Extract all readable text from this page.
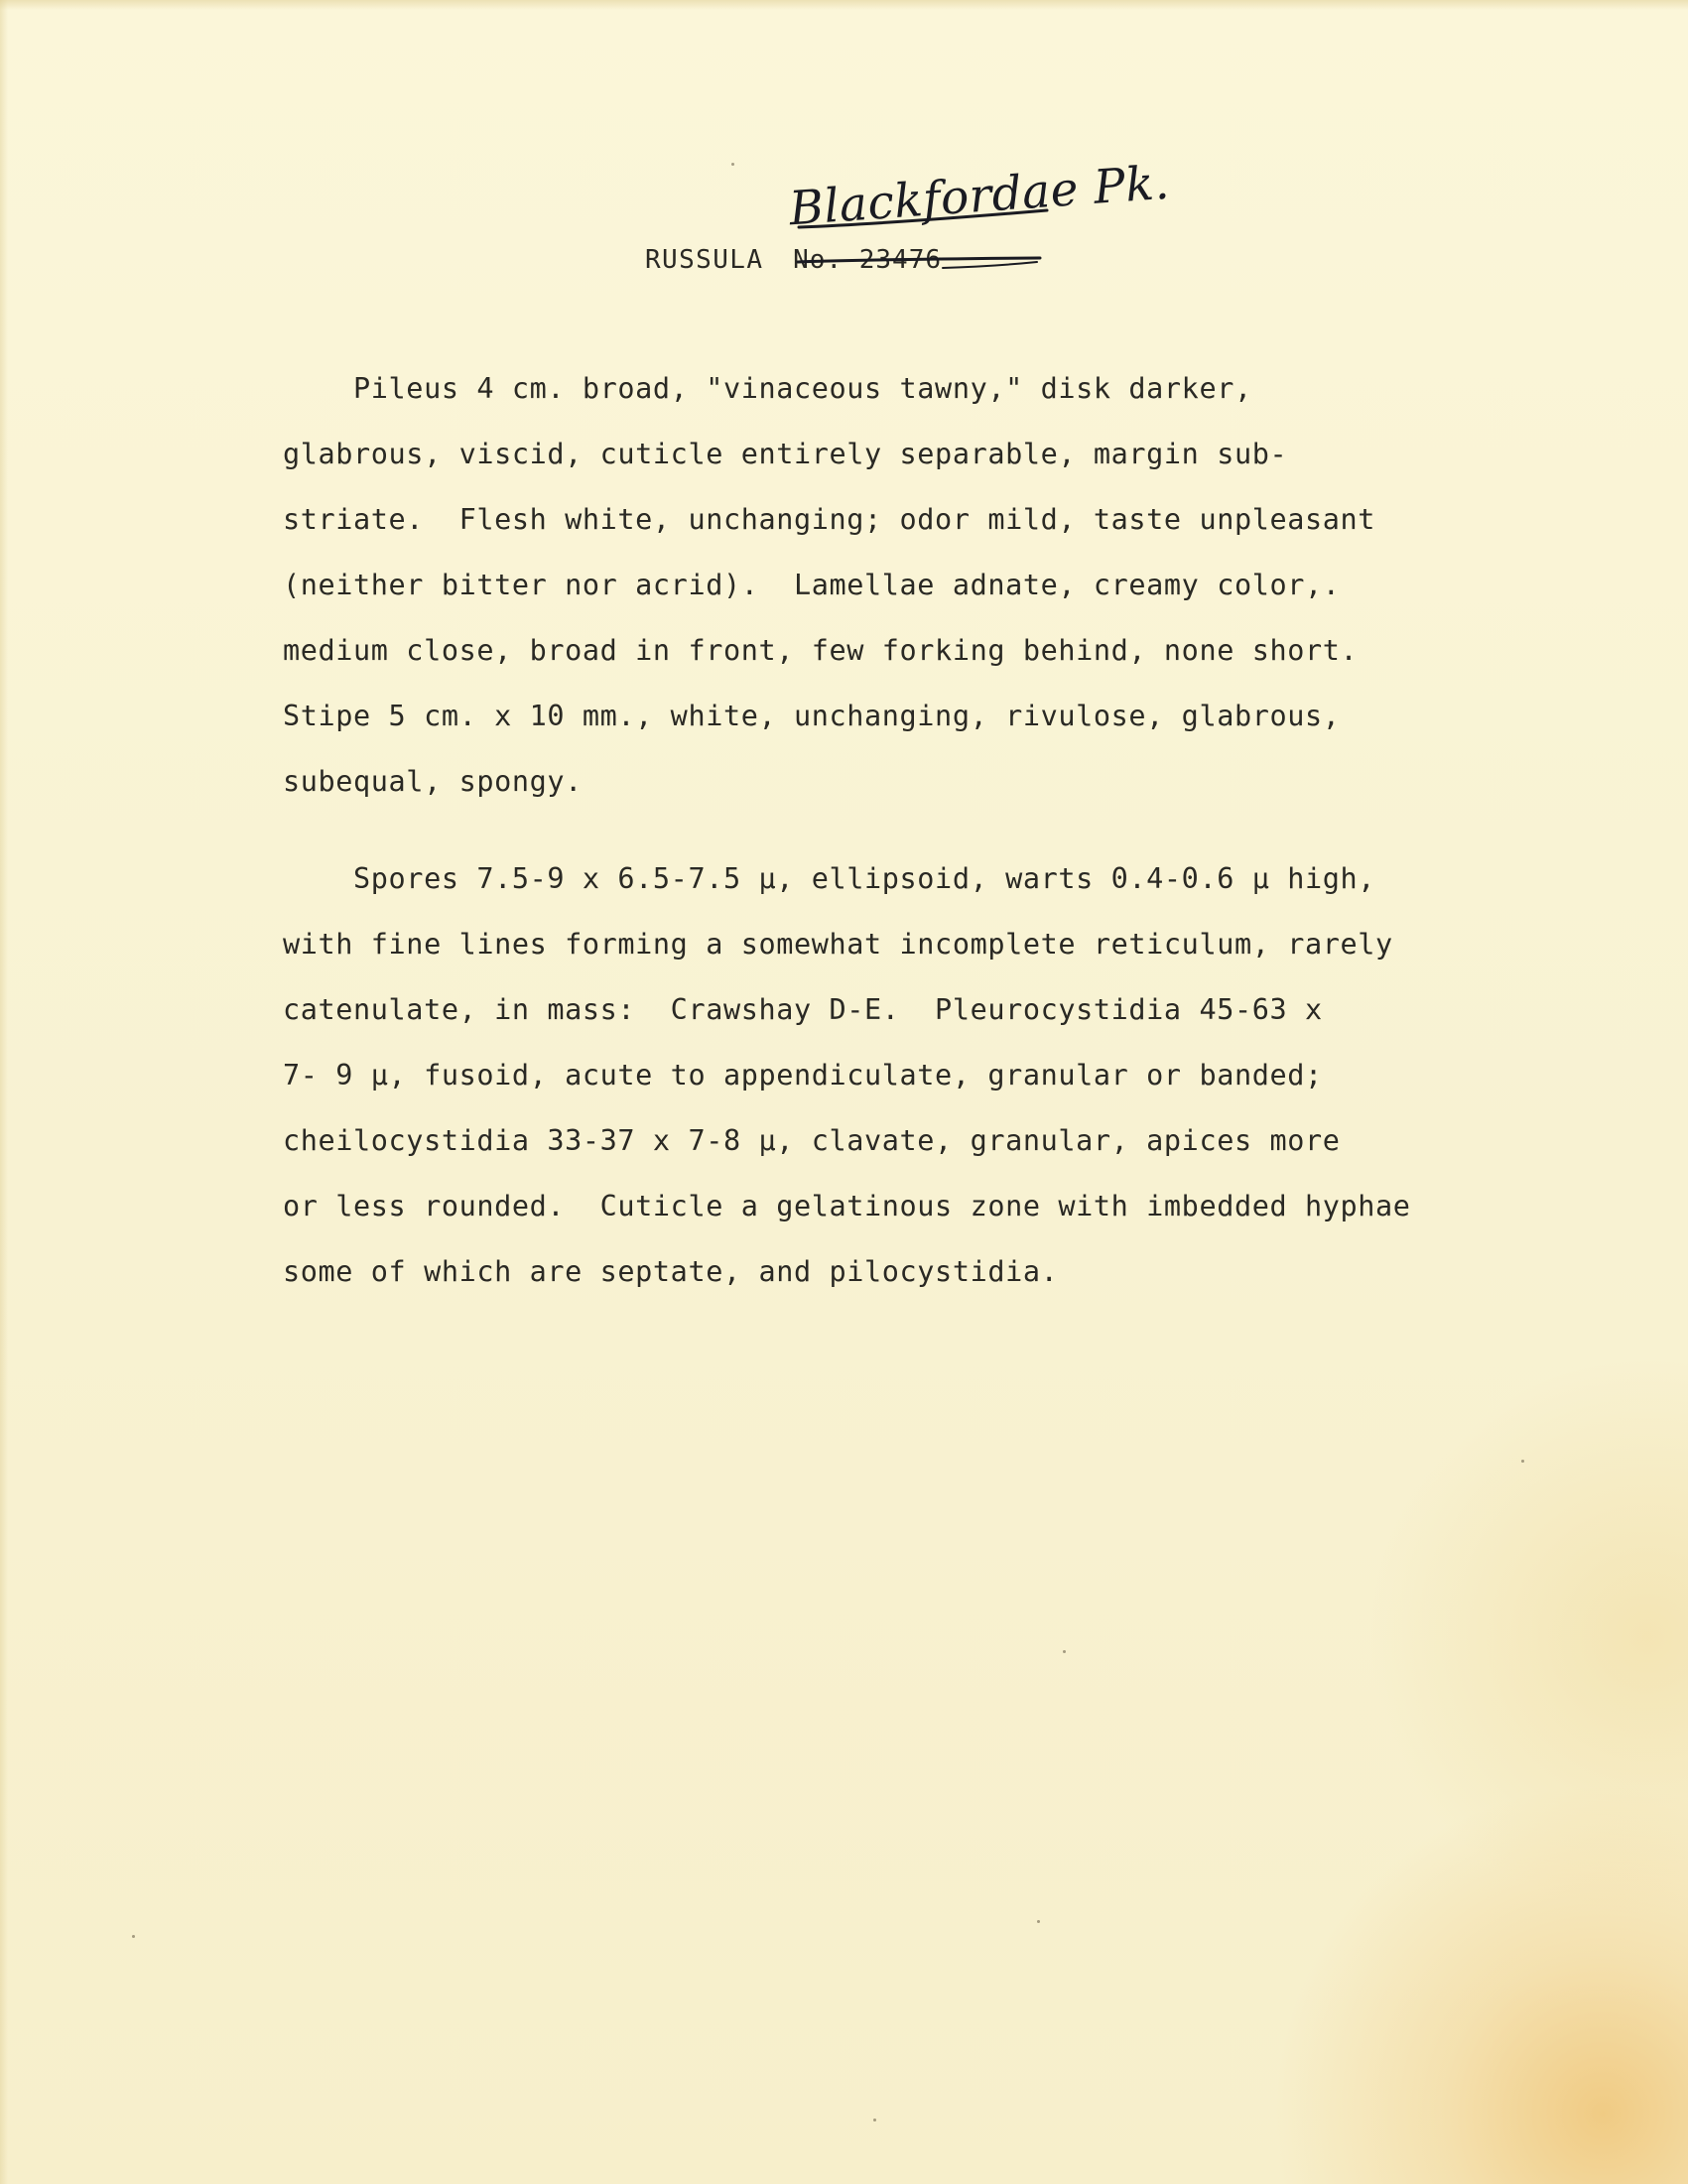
Blackfordae Pk.
RUSSULA No. 23476
Pileus 4 cm. broad, "vinaceous tawny," disk darker,
glabrous, viscid, cuticle entirely separable, margin sub-
striate.  Flesh white, unchanging; odor mild, taste unpleasant
(neither bitter nor acrid).  Lamellae adnate, creamy color,.
medium close, broad in front, few forking behind, none short.
Stipe 5 cm. x 10 mm., white, unchanging, rivulose, glabrous,
subequal, spongy.
Spores 7.5-9 x 6.5-7.5 μ, ellipsoid, warts 0.4-0.6 μ high,
with fine lines forming a somewhat incomplete reticulum, rarely
catenulate, in mass:  Crawshay D-E.  Pleurocystidia 45-63 x
7- 9 μ, fusoid, acute to appendiculate, granular or banded;
cheilocystidia 33-37 x 7-8 μ, clavate, granular, apices more
or less rounded.  Cuticle a gelatinous zone with imbedded hyphae
some of which are septate, and pilocystidia.
